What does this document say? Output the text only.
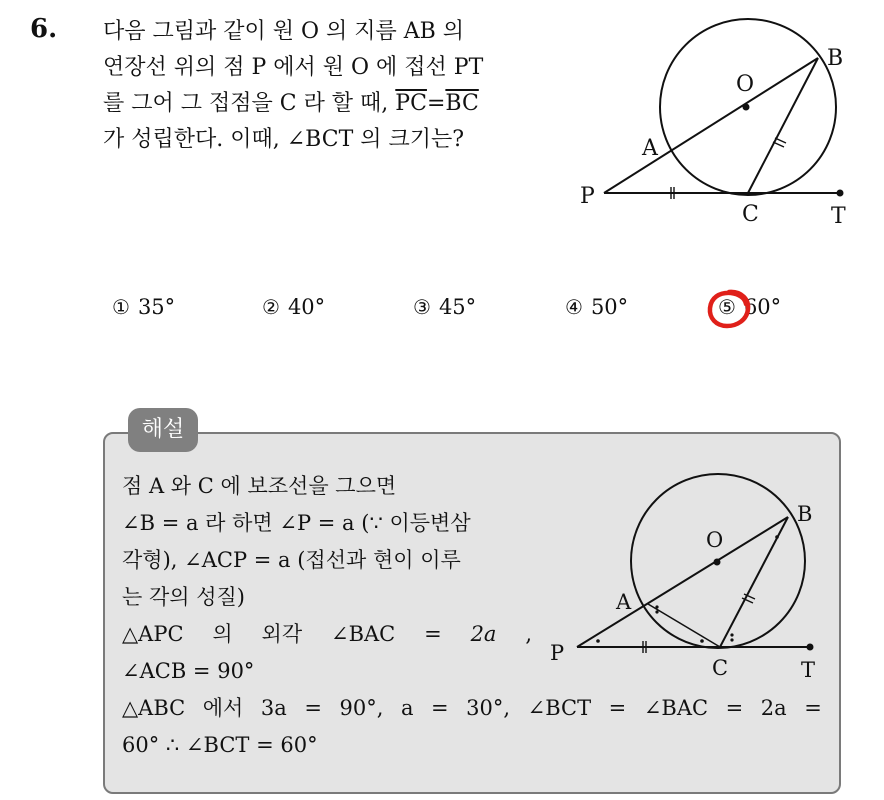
6. 다음 그림과 같이 원 O 의 지름 AB 의
연장선 위의 점 P 에서 원 O 에 접선 PT
를 그어 그 접점을 C 라 할 때, $\overline{PC}=\overline{BC}$
가 성립한다. 이때, ∠BCT 의 크기는?
P
A
O
B
C	T
① 35°	② 40°	③ 45°	④ 50°	⑤ 60°
해설
점 A 와 C 에 보조선을 그으면
∠B = a 라 하면 ∠P = a (∵ 이등변삼
각형), ∠ACP = a (접선과 현이 이루
는 각의 성질)
△APC 의 외각 ∠BAC = 2a ,
∠ACB = 90°
△ABC 에서 3a = 90°, a = 30°, ∠BCT = ∠BAC = 2a =
60° ∴ ∠BCT = 60°
P
A
O
B
C	T
